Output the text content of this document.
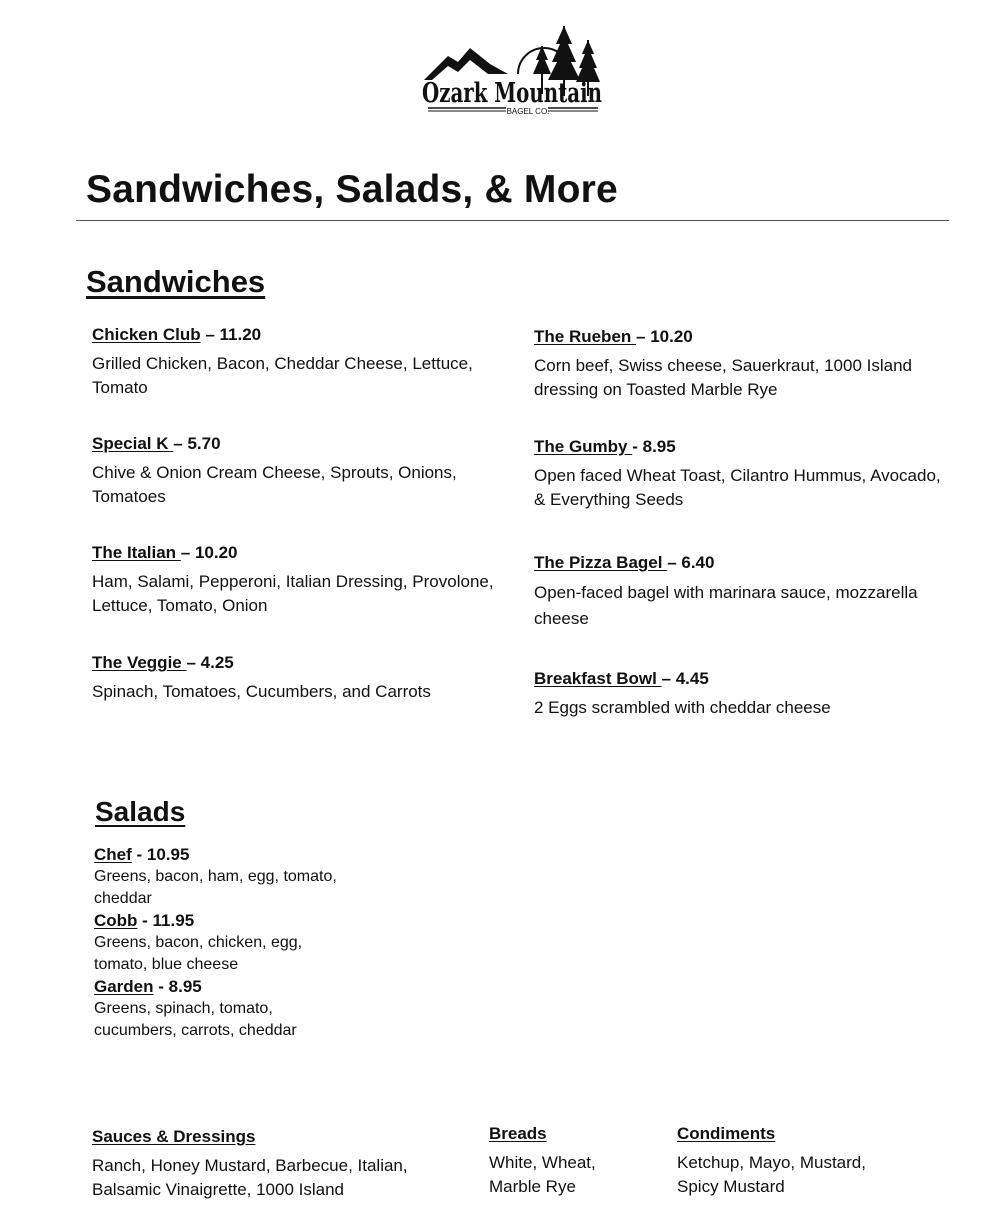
Ozark Mountain
BAGEL CO.
Sandwiches, Salads, & More
Sandwiches
Chicken Club – 11.20
Grilled Chicken, Bacon, Cheddar Cheese, Lettuce, Tomato
Special K – 5.70
Chive & Onion Cream Cheese, Sprouts, Onions, Tomatoes
The Italian – 10.20
Ham, Salami, Pepperoni, Italian Dressing, Provolone, Lettuce, Tomato, Onion
The Veggie – 4.25
Spinach, Tomatoes, Cucumbers, and Carrots
The Rueben – 10.20
Corn beef, Swiss cheese, Sauerkraut, 1000 Island dressing on Toasted Marble Rye
The Gumby - 8.95
Open faced Wheat Toast, Cilantro Hummus, Avocado, & Everything Seeds
The Pizza Bagel – 6.40
Open-faced bagel with marinara sauce, mozzarella cheese
Breakfast Bowl – 4.45
2 Eggs scrambled with cheddar cheese
Salads
Chef - 10.95
Greens, bacon, ham, egg, tomato, cheddar
Cobb - 11.95
Greens, bacon, chicken, egg, tomato, blue cheese
Garden - 8.95
Greens, spinach, tomato, cucumbers, carrots, cheddar
Sauces & Dressings
Ranch, Honey Mustard, Barbecue, Italian, Balsamic Vinaigrette, 1000 Island
Breads
White, Wheat, Marble Rye
Condiments
Ketchup, Mayo, Mustard, Spicy Mustard
